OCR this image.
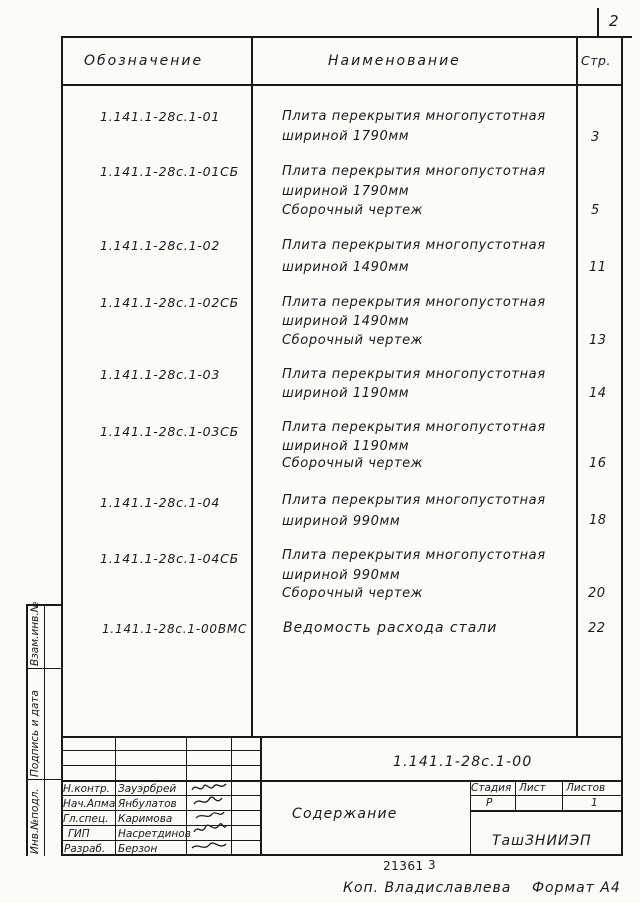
2
Обозначение	Наименование	Стр.
1.141.1-28с.1-01	Плита перекрытия многопустотная
шириной 1790мм	3
1.141.1-28с.1-01СБ	Плита перекрытия многопустотная
шириной 1790мм
Сборочный чертеж	5
1.141.1-28с.1-02	Плита перекрытия многопустотная
шириной 1490мм	11
1.141.1-28с.1-02СБ	Плита перекрытия многопустотная
шириной 1490мм
Сборочный чертеж	13
1.141.1-28с.1-03	Плита перекрытия многопустотная
шириной 1190мм	14
1.141.1-28с.1-03СБ	Плита перекрытия многопустотная
шириной 1190мм
Сборочный чертеж	16
1.141.1-28с.1-04	Плита перекрытия многопустотная
шириной 990мм	18
1.141.1-28с.1-04СБ	Плита перекрытия многопустотная
шириной 990мм
Сборочный чертеж	20
1.141.1-28с.1-00ВМС	Ведомость расхода стали	22
Инв.№подл.
Подпись и дата
Взам.инв.№
1.141.1-28с.1-00
Содержание
Стадия Лист Листов
Р	1
ТашЗНИИЭП
Н.контр. Зауэрбрей
Нач.Апма Янбулатов
Гл.спец. Каримова
ГИП	Насретдинов
Разраб. Берзон
21361 3
Коп. Владиславлева Формат А4
